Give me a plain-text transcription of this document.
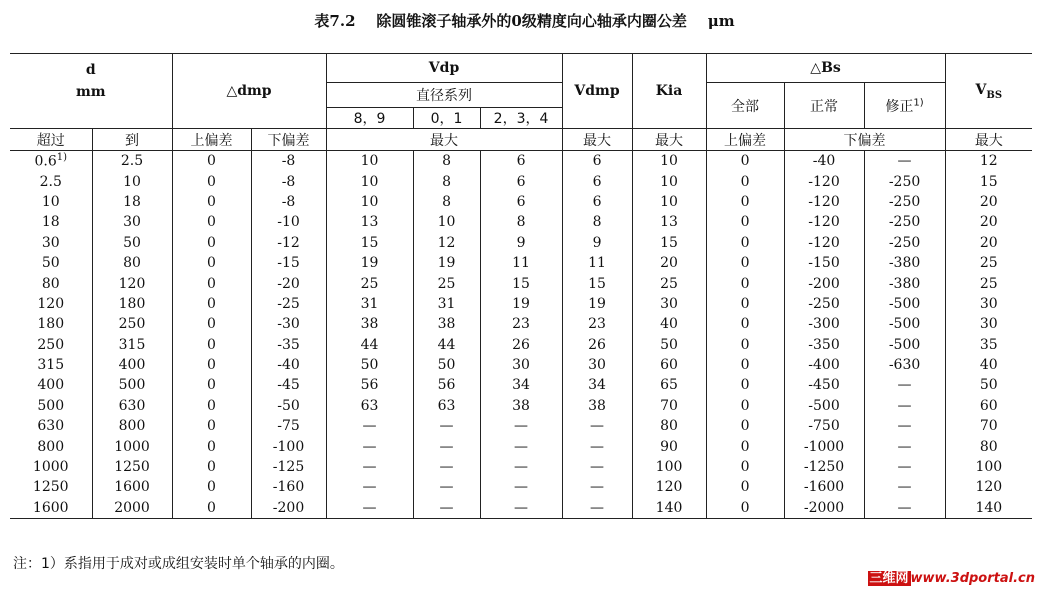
表7.2    除圆锥滚子轴承外的0级精度向心轴承内圈公差    μm
d
mm		△dmp		Vdp			Vdmp	Kia	△Bs			$V_{BS}$
				直径系列					全部	正常	修正$^{1)}$
				8，9	0，1	2，3，4						
超过	到	上偏差	下偏差	最大			最大	最大	上偏差	下偏差		最大
0.6$^{1)}$	2.5	0	-8	10	8	6	6	10	0	-40	—	12
2.5	10	0	-8	10	8	6	6	10	0	-120	-250	15
10	18	0	-8	10	8	6	6	10	0	-120	-250	20
18	30	0	-10	13	10	8	8	13	0	-120	-250	20
30	50	0	-12	15	12	9	9	15	0	-120	-250	20
50	80	0	-15	19	19	11	11	20	0	-150	-380	25
80	120	0	-20	25	25	15	15	25	0	-200	-380	25
120	180	0	-25	31	31	19	19	30	0	-250	-500	30
180	250	0	-30	38	38	23	23	40	0	-300	-500	30
250	315	0	-35	44	44	26	26	50	0	-350	-500	35
315	400	0	-40	50	50	30	30	60	0	-400	-630	40
400	500	0	-45	56	56	34	34	65	0	-450	—	50
500	630	0	-50	63	63	38	38	70	0	-500	—	60
630	800	0	-75	—	—	—	—	80	0	-750	—	70
800	1000	0	-100	—	—	—	—	90	0	-1000	—	80
1000	1250	0	-125	—	—	—	—	100	0	-1250	—	100
1250	1600	0	-160	—	—	—	—	120	0	-1600	—	120
1600	2000	0	-200	—	—	—	—	140	0	-2000	—	140
注：1）系指用于成对或成组安装时单个轴承的内圈。
三维网 www.3dportal.cn
